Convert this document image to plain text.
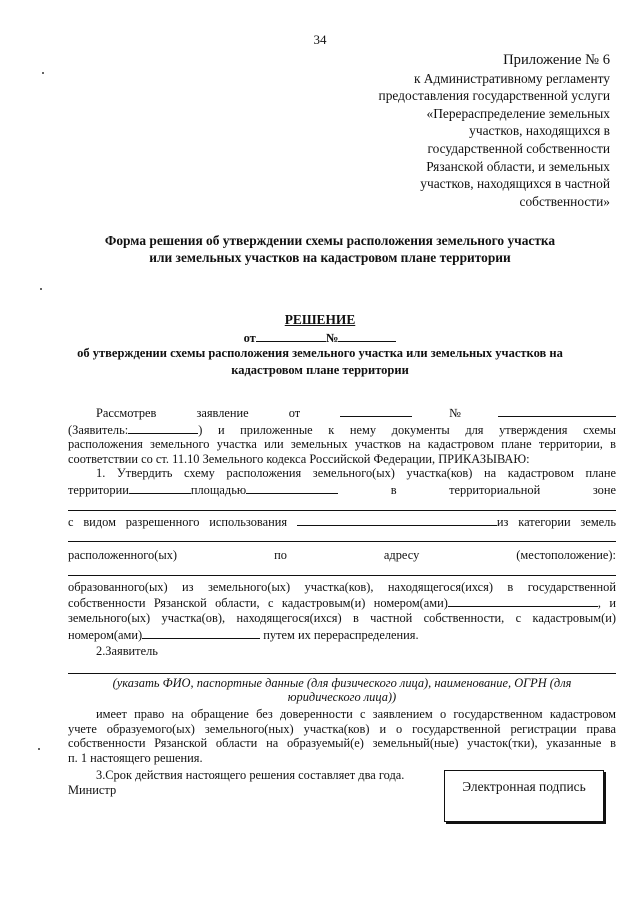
34
Приложение № 6
к Административному регламенту
предоставления государственной услуги
«Перераспределение земельных
участков, находящихся в
государственной собственности
Рязанской области, и земельных
участков, находящихся в частной
собственности»
Форма решения об утверждении схемы расположения земельного участка
или земельных участков на кадастровом плане территории
РЕШЕНИЕ
от	№
об утверждении схемы расположения земельного участка или земельных участков на
кадастровом плане территории

Рассмотрев	заявление	от	№

(Заявитель:	) и приложенные к нему документы для утверждения схемы

расположения земельного участка или земельных участков на кадастровом плане территории, в

соответствии со ст. 11.10 Земельного кодекса Российской Федерации, ПРИКАЗЫВАЮ:

1. Утвердить схему расположения земельного(ых) участка(ков) на кадастровом плане

территории	площадью	в	территориальной	зоне

с видом разрешенного использования	из категории земель

расположенного(ых)	по	адресу	(местоположение):

образованного(ых) из земельного(ых) участка(ков), находящегося(ихся) в государственной

собственности Рязанской области, с кадастровым(и) номером(ами)	, и

земельного(ых) участка(ов), находящегося(ихся) в частной собственности, с кадастровым(и)

номером(ами)	путем их перераспределения.

2.Заявитель

(указать ФИО, паспортные данные (для физического лица), наименование, ОГРН (для

юридического лица))

имеет право на обращение без доверенности с заявлением о государственном кадастровом

учете образуемого(ых) земельного(ных) участка(ков) и о государственной регистрации права

собственности Рязанской области на образуемый(е) земельный(ные) участок(тки), указанные в

п. 1 настоящего решения.

3.Срок действия настоящего решения составляет два года.

Министр	Электронная подпись
